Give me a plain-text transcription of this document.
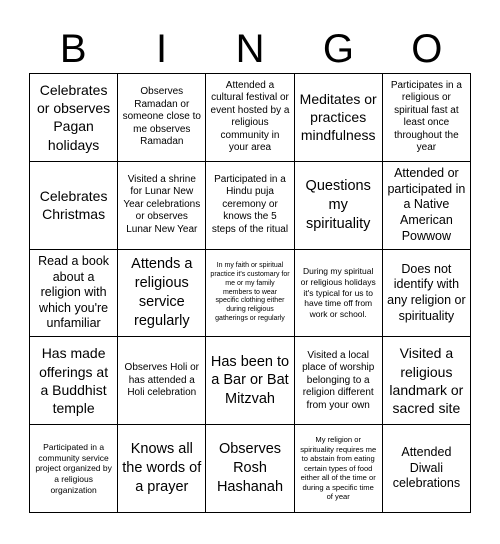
B	I	N	G	O
Celebrates or observes Pagan holidays
Observes Ramadan or someone close to me observes Ramadan
Attended a cultural festival or event hosted by a religious community in your area
Meditates or practices mindfulness
Participates in a religious or spiritual fast at least once throughout the year
Celebrates Christmas
Visited a shrine for Lunar New Year celebrations or observes Lunar New Year
Participated in a Hindu puja ceremony or knows the 5 steps of the ritual
Questions my spirituality
Attended or participated in a Native American Powwow
Read a book about a religion with which you're unfamiliar
Attends a religious service regularly
In my faith or spiritual practice it's customary for me or my family members to wear specific clothing either during religious gatherings or regularly
During my spiritual or religious holidays it's typical for us to have time off from work or school.
Does not identify with any religion or spirituality
Has made offerings at a Buddhist temple
Observes Holi or has attended a Holi celebration
Has been to a Bar or Bat Mitzvah
Visited a local place of worship belonging to a religion different from your own
Visited a religious landmark or sacred site
Participated in a community service project organized by a religious organization
Knows all the words of a prayer
Observes Rosh Hashanah
My religion or spirituality requires me to abstain from eating certain types of food either all of the time or during a specific time of year
Attended Diwali celebrations
